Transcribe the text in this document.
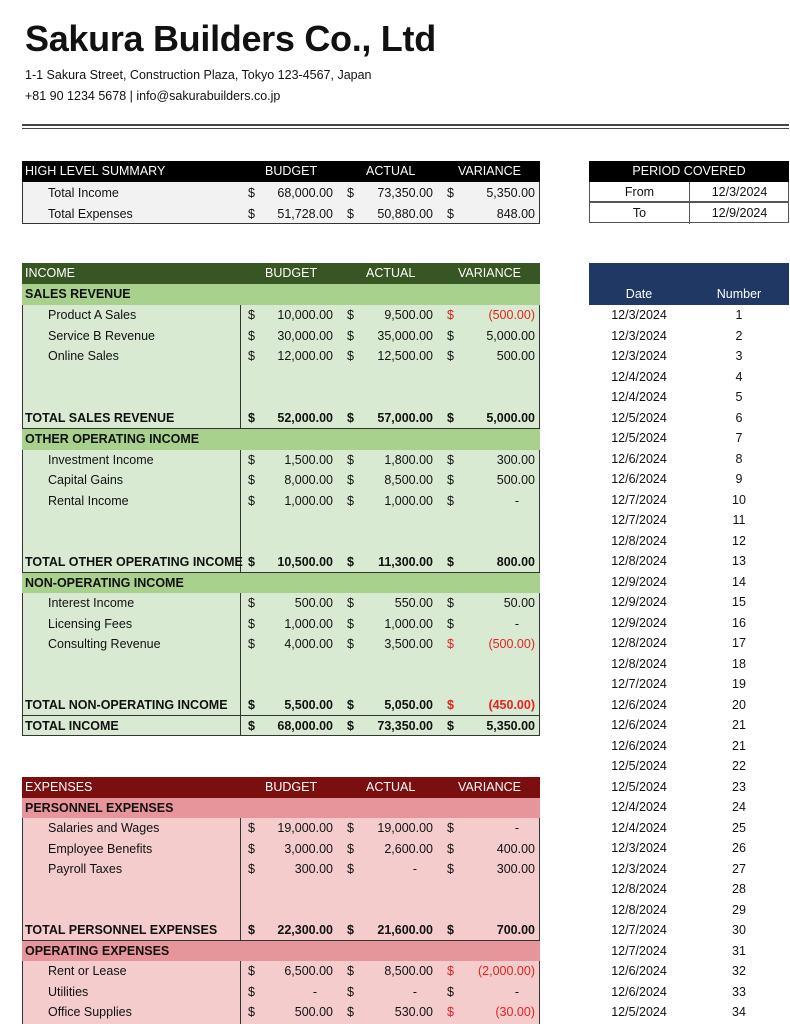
Sakura Builders Co., Ltd
1-1 Sakura Street, Construction Plaza, Tokyo 123-4567, Japan
+81 90 1234 5678 | info@sakurabuilders.co.jp
HIGH LEVEL SUMMARY	BUDGET	ACTUAL	VARIANCE
Total Income	$	68,000.00 $	73,350.00 $	5,350.00
Total Expenses	$	51,728.00 $	50,880.00 $	848.00
PERIOD COVERED
From	12/3/2024
To	12/9/2024
INCOME	BUDGET	ACTUAL	VARIANCE
SALES REVENUE
Product A Sales	$	10,000.00 $	9,500.00 $	(500.00)
Service B Revenue	$	30,000.00 $	35,000.00 $	5,000.00
Online Sales	$	12,000.00 $	12,500.00 $	500.00
TOTAL SALES REVENUE	$	52,000.00 $	57,000.00 $	5,000.00
OTHER OPERATING INCOME
Investment Income	$	1,500.00 $	1,800.00 $	300.00
Capital Gains	$	8,000.00 $	8,500.00 $	500.00
Rental Income	$	1,000.00 $	1,000.00 $	-
TOTAL OTHER OPERATING INCOME $	10,500.00 $	11,300.00 $	800.00
NON-OPERATING INCOME
Interest Income	$	500.00 $	550.00 $	50.00
Licensing Fees	$	1,000.00 $	1,000.00 $	-
Consulting Revenue	$	4,000.00 $	3,500.00 $	(500.00)
TOTAL NON-OPERATING INCOME	$	5,500.00 $	5,050.00 $	(450.00)
TOTAL INCOME	$	68,000.00 $	73,350.00 $	5,350.00
EXPENSES	BUDGET	ACTUAL	VARIANCE
PERSONNEL EXPENSES
Salaries and Wages	$	19,000.00 $	19,000.00 $	-
Employee Benefits	$	3,000.00 $	2,600.00 $	400.00
Payroll Taxes	$	300.00 $	-	$	300.00
TOTAL PERSONNEL EXPENSES	$	22,300.00 $	21,600.00 $	700.00
OPERATING EXPENSES
Rent or Lease	$	6,500.00 $	8,500.00 $	(2,000.00)
Utilities	$	-	$	-	$	-
Office Supplies	$	500.00 $	530.00 $	(30.00)
Date	Number
12/3/2024	1
12/3/2024	2
12/3/2024	3
12/4/2024	4
12/4/2024	5
12/5/2024	6
12/5/2024	7
12/6/2024	8
12/6/2024	9
12/7/2024	10
12/7/2024	11
12/8/2024	12
12/8/2024	13
12/9/2024	14
12/9/2024	15
12/9/2024	16
12/8/2024	17
12/8/2024	18
12/7/2024	19
12/6/2024	20
12/6/2024	21
12/6/2024	21
12/5/2024	22
12/5/2024	23
12/4/2024	24
12/4/2024	25
12/3/2024	26
12/3/2024	27
12/8/2024	28
12/8/2024	29
12/7/2024	30
12/7/2024	31
12/6/2024	32
12/6/2024	33
12/5/2024	34
